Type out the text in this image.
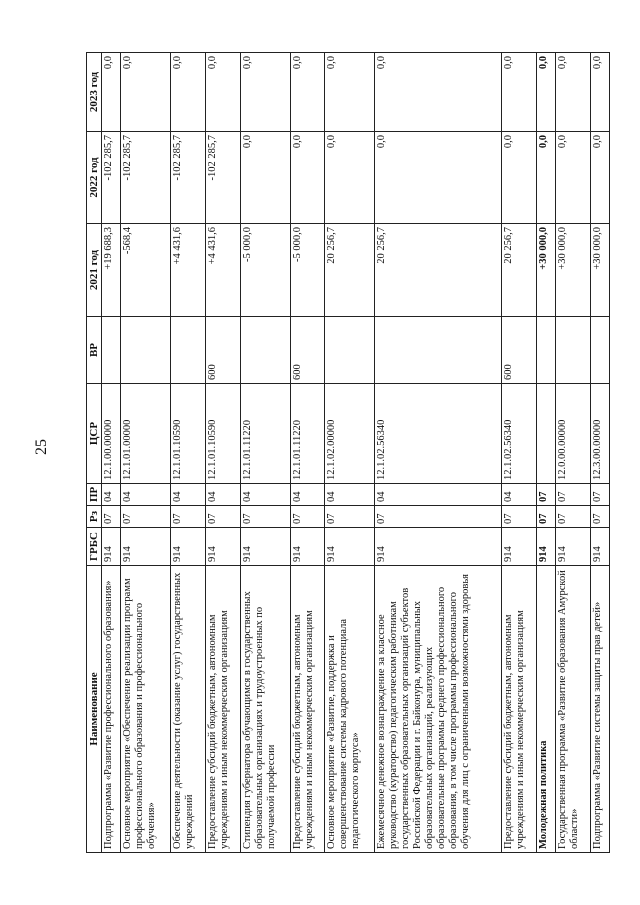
25
Наименование	ГРБС	Рз	ПР	ЦСР	ВР	2021 год	2022 год	2023 год
Подпрограмма «Развитие профессионального образования»	914	07	04	12.1.00.00000		+19 688,3	-102 285,7	0,0
Основное мероприятие «Обеспечение реализации программ профессионального образования и профессионального обучения»	914	07	04	12.1.01.00000		-568,4	-102 285,7	0,0
Обеспечение деятельности (оказание услуг) государственных учреждений	914	07	04	12.1.01.10590		+4 431,6	-102 285,7	0,0
Предоставление субсидий бюджетным, автономным учреждениям и иным некоммерческим организациям	914	07	04	12.1.01.10590	600	+4 431,6	-102 285,7	0,0
Стипендия губернатора обучающимся в государственных образовательных организациях и трудоустроенных по получаемой профессии	914	07	04	12.1.01.11220		-5 000,0	0,0	0,0
Предоставление субсидий бюджетным, автономным учреждениям и иным некоммерческим организациям	914	07	04	12.1.01.11220	600	-5 000,0	0,0	0,0
Основное мероприятие «Развитие, поддержка и совершенствование системы кадрового потенциала педагогического корпуса»	914	07	04	12.1.02.00000		20 256,7	0,0	0,0
Ежемесячное денежное вознаграждение за классное руководство (кураторство) педагогическим работникам государственных образовательных организаций субъектов Российской Федерации и г. Байконура, муниципальных образовательных организаций, реализующих образовательные программы среднего профессионального образования, в том числе программы профессионального обучения для лиц с ограниченными возможностями здоровья	914	07	04	12.1.02.56340		20 256,7	0,0	0,0
Предоставление субсидий бюджетным, автономным учреждениям и иным некоммерческим организациям	914	07	04	12.1.02.56340	600	20 256,7	0,0	0,0
Молодежная политика	914	07	07			+30 000,0	0,0	0,0
Государственная программа «Развитие образования Амурской области»	914	07	07	12.0.00.00000		+30 000,0	0,0	0,0
Подпрограмма «Развитие системы защиты прав детей»	914	07	07	12.3.00.00000		+30 000,0	0,0	0,0
